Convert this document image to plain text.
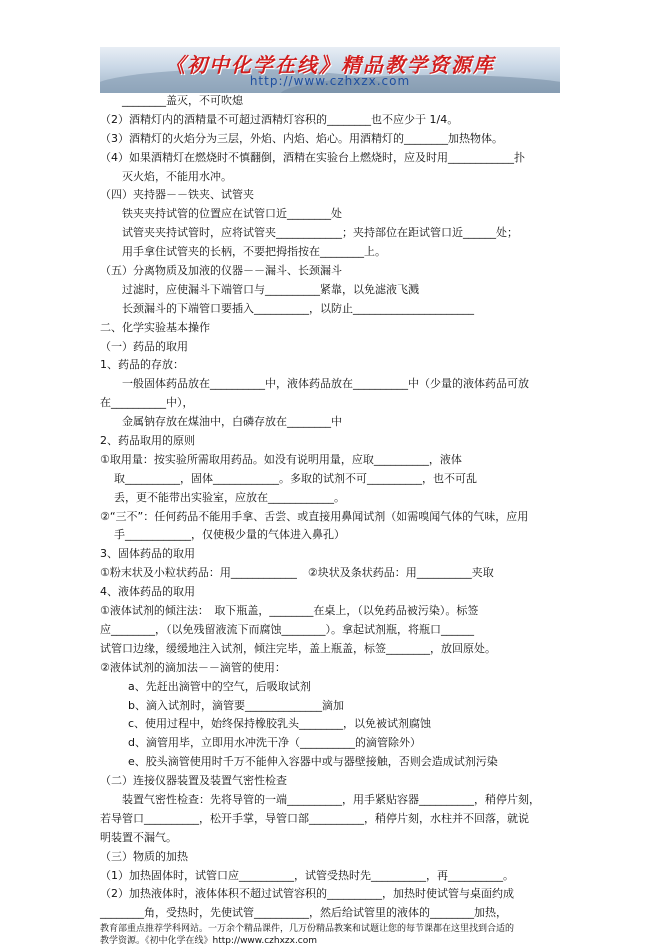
《初中化学在线》精品教学资源库
http://www.czhxzx.com
________盖灭，不可吹熄
（2）酒精灯内的酒精量不可超过酒精灯容积的________也不应少于 1/4。
（3）酒精灯的火焰分为三层，外焰、内焰、焰心。用酒精灯的________加热物体。
（4）如果酒精灯在燃烧时不慎翻倒，酒精在实验台上燃烧时，应及时用____________扑
灭火焰，不能用水冲。
（四）夹持器－－铁夹、试管夹
铁夹夹持试管的位置应在试管口近________处
试管夹夹持试管时，应将试管夹____________；夹持部位在距试管口近______处；
用手拿住试管夹的长柄，不要把拇指按在________上。
（五）分离物质及加液的仪器－－漏斗、长颈漏斗
过滤时，应使漏斗下端管口与__________紧靠，以免滤液飞溅
长颈漏斗的下端管口要插入__________，以防止______________________
二、化学实验基本操作
（一）药品的取用
1、药品的存放：
一般固体药品放在__________中，液体药品放在__________中（少量的液体药品可放
在__________中），
金属钠存放在煤油中，白磷存放在________中
2、药品取用的原则
①取用量：按实验所需取用药品。如没有说明用量，应取__________，液体
取__________，固体____________。多取的试剂不可__________，也不可乱
丢，更不能带出实验室，应放在____________。
②“三不”：任何药品不能用手拿、舌尝、或直接用鼻闻试剂（如需嗅闻气体的气味，应用
手____________，仅使极少量的气体进入鼻孔）
3、固体药品的取用
①粉末状及小粒状药品：用____________　②块状及条状药品：用__________夹取
4、液体药品的取用
①液体试剂的倾注法：　取下瓶盖，________在桌上，（以免药品被污染）。标签
应________，（以免残留液流下而腐蚀________）。拿起试剂瓶，将瓶口______
试管口边缘，缓缓地注入试剂，倾注完毕，盖上瓶盖，标签________，放回原处。
②液体试剂的滴加法－－滴管的使用：
a、先赶出滴管中的空气，后吸取试剂
b、滴入试剂时，滴管要______________滴加
c、使用过程中，始终保持橡胶乳头________，以免被试剂腐蚀
d、滴管用毕，立即用水冲洗干净（__________的滴管除外）
e、胶头滴管使用时千万不能伸入容器中或与器壁接触，否则会造成试剂污染
（二）连接仪器装置及装置气密性检查
装置气密性检查：先将导管的一端__________，用手紧贴容器__________，稍停片刻，
若导管口__________，松开手掌，导管口部__________，稍停片刻，水柱并不回落，就说
明装置不漏气。
（三）物质的加热
（1）加热固体时，试管口应__________，试管受热时先__________，再__________。
（2）加热液体时，液体体积不超过试管容积的__________，加热时使试管与桌面约成
________角，受热时，先使试管__________，然后给试管里的液体的________加热，
教育部重点推荐学科网站。一万余个精品课件，几万份精品教案和试题让您的每节课都在这里找到合适的
教学资源。《初中化学在线》http://www.czhxzx.com
